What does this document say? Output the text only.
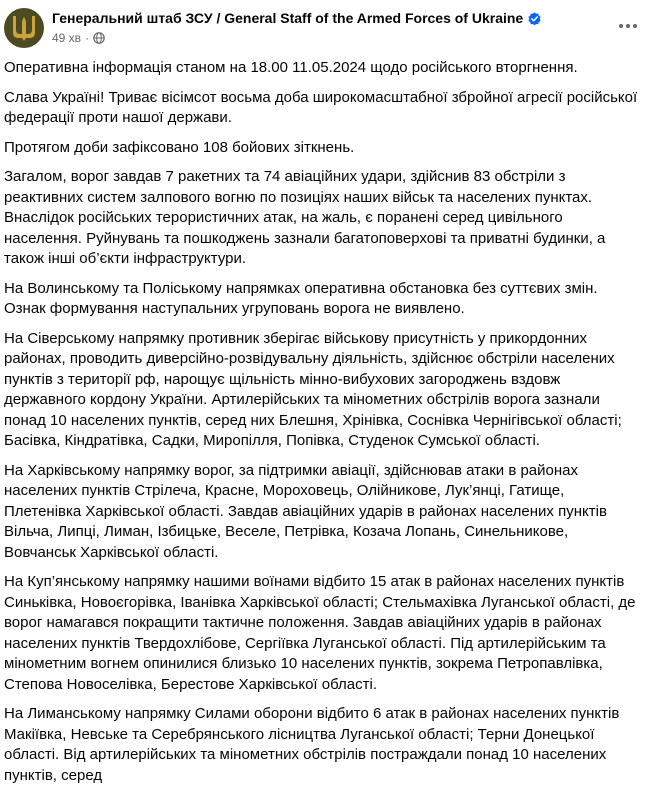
Генеральний штаб ЗСУ / General Staff of the Armed Forces of Ukraine
49 хв ·

Оперативна інформація станом на 18.00 11.05.2024 щодо російського вторгнення.

Слава Україні! Триває вісімсот восьма доба широкомасштабної збройної агресії російської федерації проти нашої держави.

Протягом доби зафіксовано 108 бойових зіткнень.

Загалом, ворог завдав 7 ракетних та 74 авіаційних удари, здійснив 83 обстріли з реактивних систем залпового вогню по позиціях наших військ та населених пунктах. Внаслідок російських терористичних атак, на жаль, є поранені серед цивільного населення. Руйнувань та пошкоджень зазнали багатоповерхові та приватні будинки, а також інші об’єкти інфраструктури.

На Волинському та Поліському напрямках оперативна обстановка без суттєвих змін. Ознак формування наступальних угруповань ворога не виявлено.

На Сіверському напрямку противник зберігає військову присутність у прикордонних районах, проводить диверсійно-розвідувальну діяльність, здійснює обстріли населених пунктів з території рф, нарощує щільність мінно-вибухових загороджень вздовж державного кордону України. Артилерійських та мінометних обстрілів ворога зазнали понад 10 населених пунктів, серед них Блешня, Хрінівка, Соснівка Чернігівської області; Басівка, Кіндратівка, Садки, Миропілля, Попівка, Студенок Сумської області.

На Харківському напрямку ворог, за підтримки авіації, здійснював атаки в районах населених пунктів Стрілеча, Красне, Мороховець, Олійникове, Лук’янці, Гатище, Плетенівка Харківської області. Завдав авіаційних ударів в районах населених пунктів Вільча, Липці, Лиман, Ізбицьке, Веселе, Петрівка, Козача Лопань, Синельникове, Вовчанськ Харківської області.

На Куп’янському напрямку нашими воїнами відбито 15 атак в районах населених пунктів Синьківка, Новоєгорівка, Іванівка Харківської області; Стельмахівка Луганської області, де ворог намагався покращити тактичне положення. Завдав авіаційних ударів в районах населених пунктів Твердохлібове, Сергіївка Луганської області. Під артилерійським та мінометним вогнем опинилися близько 10 населених пунктів, зокрема Петропавлівка, Степова Новоселівка, Берестове Харківської області.

На Лиманському напрямку Силами оборони відбито 6 атак в районах населених пунктів Макіївка, Невське та Серебрянського лісництва Луганської області; Терни Донецької області. Від артилерійських та мінометних обстрілів постраждали понад 10 населених пунктів, серед
